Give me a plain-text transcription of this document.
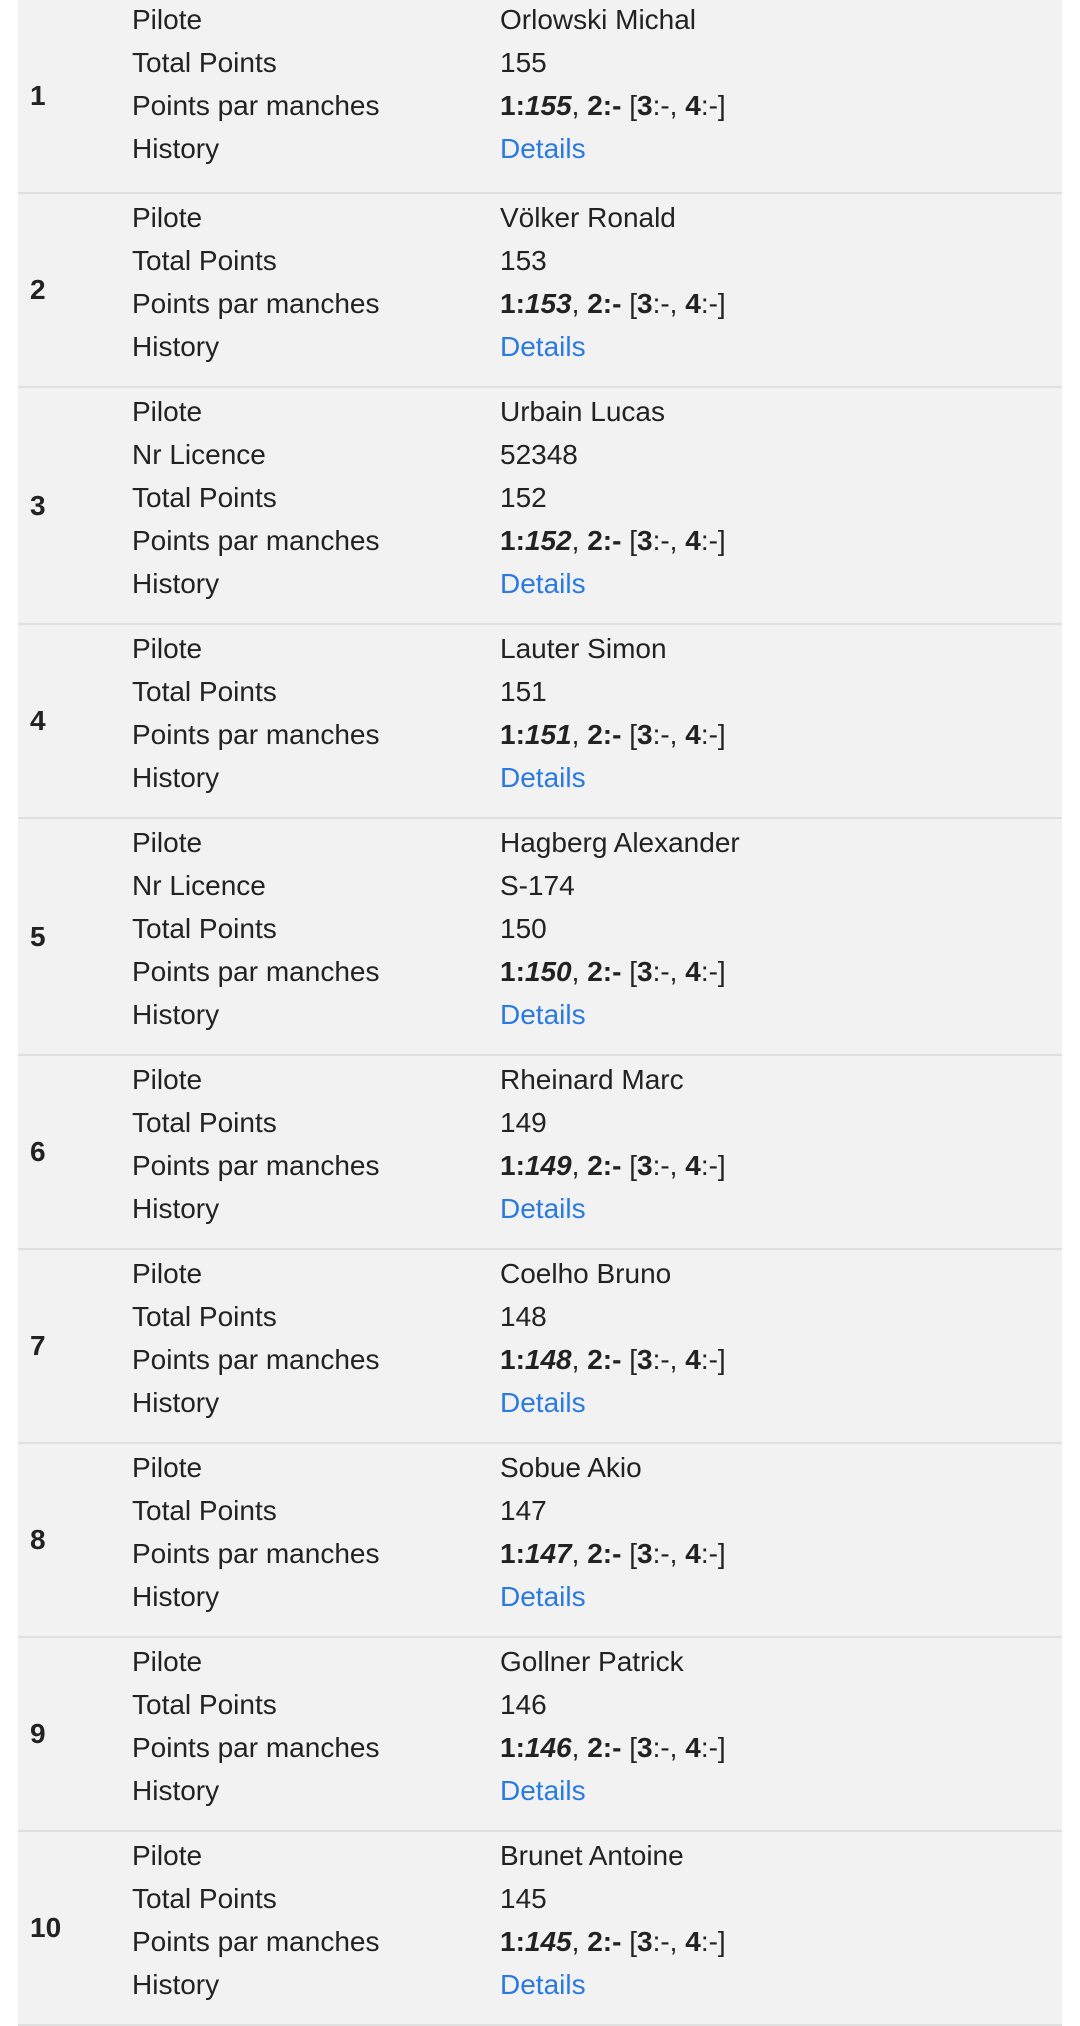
1
Pilote	Orlowski Michal
Total Points	155
Points par manches	1:155, 2:- [3:-, 4:-]
History	Details
2
Pilote	Völker Ronald
Total Points	153
Points par manches	1:153, 2:- [3:-, 4:-]
History	Details
3
Pilote	Urbain Lucas
Nr Licence	52348
Total Points	152
Points par manches	1:152, 2:- [3:-, 4:-]
History	Details
4
Pilote	Lauter Simon
Total Points	151
Points par manches	1:151, 2:- [3:-, 4:-]
History	Details
5
Pilote	Hagberg Alexander
Nr Licence	S-174
Total Points	150
Points par manches	1:150, 2:- [3:-, 4:-]
History	Details
6
Pilote	Rheinard Marc
Total Points	149
Points par manches	1:149, 2:- [3:-, 4:-]
History	Details
7
Pilote	Coelho Bruno
Total Points	148
Points par manches	1:148, 2:- [3:-, 4:-]
History	Details
8
Pilote	Sobue Akio
Total Points	147
Points par manches	1:147, 2:- [3:-, 4:-]
History	Details
9
Pilote	Gollner Patrick
Total Points	146
Points par manches	1:146, 2:- [3:-, 4:-]
History	Details
10
Pilote	Brunet Antoine
Total Points	145
Points par manches	1:145, 2:- [3:-, 4:-]
History	Details
